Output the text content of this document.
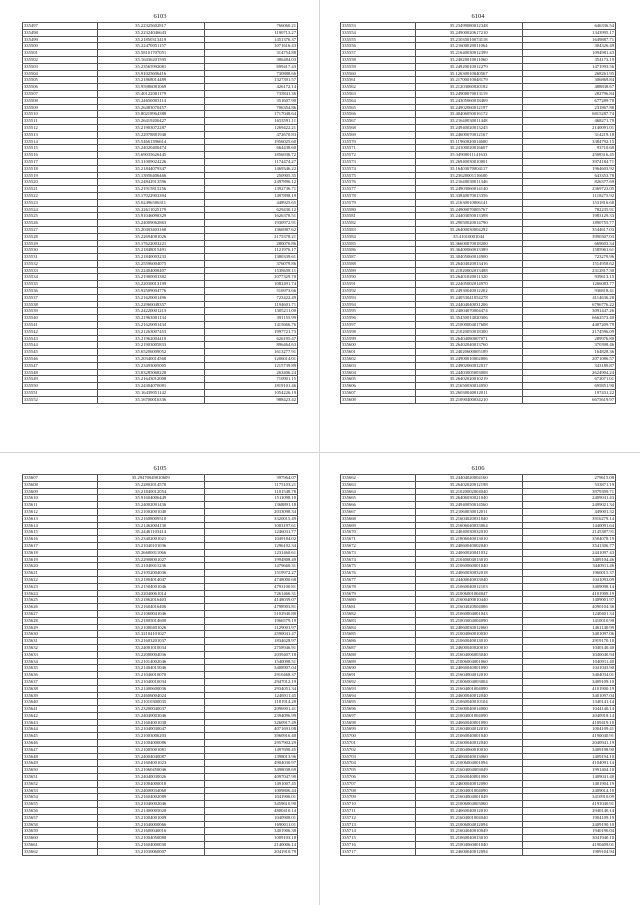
6103
335497	35.22325602817	766060.21
335498	35.22324046643	1190713.27
335499	35.21850313419	1451376.37
335500	35.22470051157	1071616.43
335501	35.58101707051	314754.88
335502	35.16436201595	386484.03
335503	35.23565992081	699417.43
335504	35.91025606416	730888.66
335505	35.21868014489	1327391.57
335506	35.95986081069	426172.14
335507	35.40122081179	735841.36
335508	35.24650003114	351607.90
335509	35.26483070457	706354.86
335510	35.80218964388	1717048.64
335511	35.26419200427	1653591.11
335512	35.21903072287	1269422.21
335513	35.22978881948	472670.83
335514	35.54661396614	1956025.60
335515	35.24020400474	664438.60
335516	35.69035626445	1856936.72
335517	35.31009024226	1174474.27
335518	35.21844079347	1469346.22
335519	35.13956406466	250905.35
335520	35.24842913596	2497896.12
335521	35.21915815256	1392736.71
335522	35.17022903394	1497898.19
335523	35.02496506311	448925.65
335524	35.22611025179	629430.12
335525	35.91046098329	1626378.51
335526	35.24009062863	1930972.91
335527	35.20493403168	1366987.62
335528	35.22694081026	2175378.21
335529	35.17622003221	280076.86
335530	35.21848015491	1121976.17
335531	35.21840003233	1380339.61
335532	35.25596004075	376079.86
335533	35.22404008407	1538658.11
335534	35.21900001382	1077329.70
335535	35.22030013199	1082491.74
335536	35.92509004776	516973.66
335537	35.21620001496	723422.49
335538	35.22960048357	1194601.71
335539	35.24220001213	1305211.00
335540	35.21963001134	391155.99
335541	35.21620001434	1415666.76
335542	35.21263007453	1997721.73
335543	35.21962004410	626195.47
335544	35.21903005833	896464.63
335545	35.65206009052	1613277.91
335546	35.20340014568	1206014.01
335547	35.23493005005	1215739.89
335548	35.83285068228	263406.24
335549	35.21643012008	710901.15
335550	35.24304070081	1819101.46
335551	35.16439051142	1054226.19
335552	35.16700016336	988423.42
6104
335553	35.23499080012348	646336.54
335554	35.24900020617210	1343995.17
335555	35.21035010074118	1649887.71
335556	35.21600020011064	304326.49
335557	35.21640030012399	1094981.43
335558	35.24820010011060	354173.19
335559	35.24920010012279	1471993.56
335560	35.12630010040567	268261.95
335561	35.21700010048179	306869.84
335562	35.21203060020182	488838.67
335563	35.24900070013119	282796.84
335564	35.24305060018469	677289.70
335565	35.24902060012197	231867.88
335566	35.40406050016172	6815287.74
335567	35.21640030011448	468271.79
335568	35.24940020013245	2140091.01
335569	35.24600070012167	314219.18
335570	35.11960020014600	3384792.15
335571	35.24100020016607	93710.68
335572	35.34900011141633	2508316.45
335573	35.26940030010001	3974184.71
335574	35.16403070004117	1964603.92
335575	35.23620001116600	643353.78
335576	35.21640030011346	826377.69
335577	35.24903060014140	2369723.05
335578	35.33840070013356	1118275.92
335579	35.21630010006141	1531816.68
335580	35.24900070005767	782235.91
335581	35.24403050013398	1983129.33
335582	35.29050020014790	1890755.77
335583	35.26400030004292	3544617.03
335584	35.41010001044	3990307.03
335585	35.36600070018200	669603.34
335586	35.36400060013389	1585961.61
335587	35.30405060014900	723279.96
335588	35.26404020013416	1514958.62
335589	35.21820002013488	2312817.30
335590	35.26401020011320	939613.15
335591	35.22405002014970	1266083.77
335592	35.24930040012202	936818.41
335593	35.24053041054278	4114636.28
335594	35.24404040031206	6796776.22
335595	35.24004070004474	3091447.26
335596	35.35450014020306	6662573.40
335597	35.21000004017608	4407209.79
335598	35.21020050018300	2174596.09
335599	35.26404080007071	289976.80
335600	35.26402040013760	370398.46
335601	35.24020600005189	164828.36
335602	35.24900010002006	2071086.57
335603	35.24902060012017	343189.87
335604	35.24403005003008	2624904.24
335605	35.26402020010219	672071.01
335606	35.21650030014050	695851.90
335607	35.26030040012011	197431.22
335608	35.21090400034210	6675619.97
6105
335607	35.29470049010609	397964.07
335608	35.22802014570	1175103.21
335609	35.21840012054	1101548.78
335610	35.91604006449	1511098.10
335611	35.24002091436	1368891.18
335612	35.21002001040	2033098.34
335613	35.21608009510	3320015.49
335614	35.21462004130	1003197.61
335615	35.24461103414	1246031.77
335616	35.23402001021	1049184.02
335617	35.21040101036	1296102.34
335618	35.26600011066	1231460.61
335619	35.22908001027	1994808.49
335620	35.21040011236	1479660.31
335621	35.21052004036	1519972.27
335622	35.21804014047	4748000.68
335623	35.21504001046	4793100.81
335624	35.22040061014	7261466.31
335625	35.21862016403	4148039.07
335626	35.21604016406	4798903.81
335627	35.21060041046	5102940.80
335628	35.21805014600	1966579.19
335629	35.21000401026	1129001.97
335630	35.32104101027	2590041.47
335631	35.21603201037	1834628.97
335632	35.24001010034	2758946.91
335633	35.22000004036	2039407.18
335634	35.21014002046	1540098.51
335635	35.21404015046	3408907.04
335636	35.21046010070	2910468.37
335637	35.21040010034	2947012.19
335638	35.21400600036	2934051.34
335639	35.24606004024	1246911.45
335640	35.21010300035	1181914.28
335641	35.23200040037	2096901.41
335642	35.24040003046	2394096.99
335643	35.21604001038	3260917.49
335644	35.21040030047	4071691.08
335645	35.21003006203	3960916.40
335646	35.21004000086	2957902.29
335647	35.21005001081	1497690.45
335648	35.24004040087	1398013.96
335649	35.21604001023	4904030.97
335650	35.21060450046	3498038.69
335651	35.24040030026	4097047.90
335652	35.21004000018	1491007.45
335653	35.24000034060	1009806.44
335654	35.21604002089	1041906.01
335655	35.21040002046	3459610.90
335656	35.21400005020	4800410.14
335657	35.21004001009	1040908.01
335658	35.21040000066	1690011.01
335659	35.21600040016	3401906.38
335660	35.21004050080	1009103.18
335661	35.21604000030	2140006.14
335662	35.21030060007	2041910.79
6106
335662	35.24404020004160	279615.08
335663	35.26402020012198	533871.19
335664	35.21020002004040	3979399.71
335665	35.26406030021040	2409041.43
335666	35.24940050014560	2499021.34
335667	35.21060030012011	449001.32
335668	35.21604020031040	3916279.14
335669	35.21606040033064	1440091.64
335670	35.24040030032010	2145387.91
335671	35.21806040013010	3504078.19
335672	35.24060040002040	3541306.77
335673	35.24060020041032	2441097.43
335674	35.21040004013010	3409104.46
335675	35.21060060001040	3440911.46
335676	35.24060030032018	1960015.37
335677	35.24400040033040	1041093.09
335678	35.21060040012103	3409098.14
335679	35.21006001004047	4101909.19
335680	35.21600400010440	1409001.97
335681	35.21604020004086	4090104.36
335682	35.21060004001043	1240401.34
335683	35.21003004004090	1410010.90
335684	35.24060030012060	1461140.99
335685	35.21004060010030	3401097.06
335686	35.21060040013010	2919170.10
335687	35.24600040020010	1040140.40
335688	35.21604006003040	3040040.94
335689	35.21006004001060	1040911.40
335690	35.24060040001090	1041043.90
335691	35.21604004012010	3404034.01
335692	35.21006004003004	3409109.10
335693	35.21604001004090	4101900.19
335694	35.24600040012040	3401097.04
335695	35.21060040010104	1340141.14
335696	35.21600040014000	1044140.14
335697	35.21004001004090	2040918.14
335698	35.24060040001090	4109419.10
335699	35.21604004012010	1004109.41
335700	35.21060040001040	4190040.91
335701	35.21600040012040	2040941.19
335702	35.21004060010010	3409198.90
335703	35.24060040013060	1409194.10
335704	35.21006004001094	4104091.14
335705	35.21604004003049	1991404.10
335706	35.21060040001090	1409041.40
335707	35.24600040012090	1401904.19
335708	35.21004001004090	2409014.10
335709	35.21604004001049	3410910.09
335710	35.21006004003060	4191040.91
335711	35.24060040012010	2940140.14
335712	35.21604001004040	1904109.19
335713	35.21006004012094	2409190.10
335714	35.21604040010049	1940190.04
335715	35.21060040013010	3041940.10
335716	35.21004060001040	4190409.01
335717	35.24600040012094	1909104.94
